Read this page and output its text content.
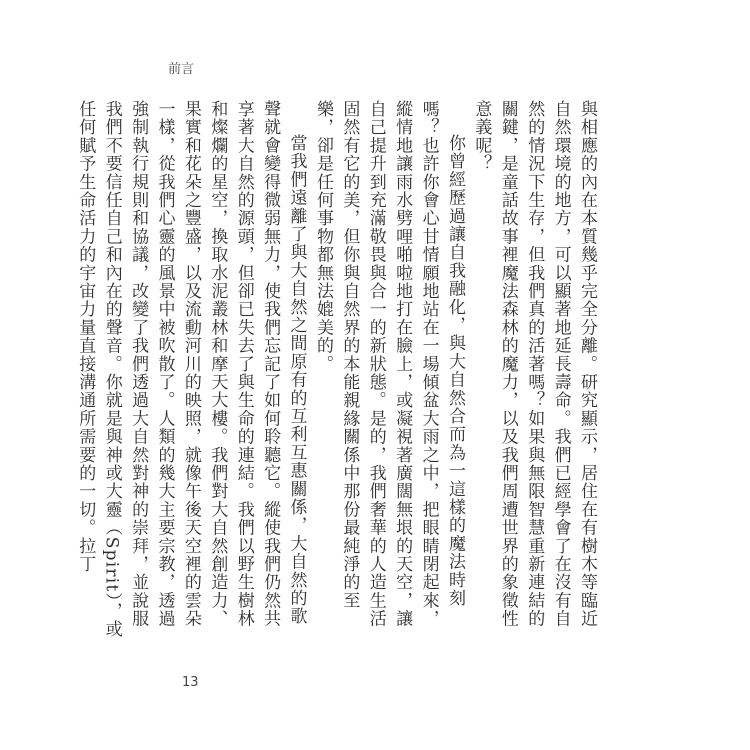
前言

與相應的內在本質幾乎完全分離。研究顯示，居住在有樹木等臨近自然環境的地方，可以顯著地延長壽命。我們已經學會了在沒有自然的情況下生存，但我們真的活著嗎？如果與無限智慧重新連結的關鍵，是童話故事裡魔法森林的魔力，以及我們周遭世界的象徵性意義呢？

你曾經歷過讓自我融化，與大自然合而為一這樣的魔法時刻嗎？也許你會心甘情願地站在一場傾盆大雨之中，把眼睛閉起來，縱情地讓雨水劈哩啪啦地打在臉上，或凝視著廣闊無垠的天空，讓自己提升到充滿敬畏與合一的新狀態。是的，我們奢華的人造生活固然有它的美，但你與自然界的本能親緣關係中那份最純淨的至樂，卻是任何事物都無法媲美的。

當我們遠離了與大自然之間原有的互利互惠關係，大自然的歌聲就會變得微弱無力，使我們忘記了如何聆聽它。縱使我們仍然共享著大自然的源頭，但卻已失去了與生命的連結。我們以野生樹林和燦爛的星空，換取水泥叢林和摩天大樓。我們對大自然創造力、果實和花朵之豐盛，以及流動河川的映照，就像午後天空裡的雲朵一樣，從我們心靈的風景中被吹散了。人類的幾大主要宗教，透過強制執行規則和協議，改變了我們透過大自然對神的崇拜，並說服我們不要信任自己和內在的聲音。你就是與神或大靈（Spirit），或任何賦予生命活力的宇宙力量直接溝通所需要的一切。拉丁

13
